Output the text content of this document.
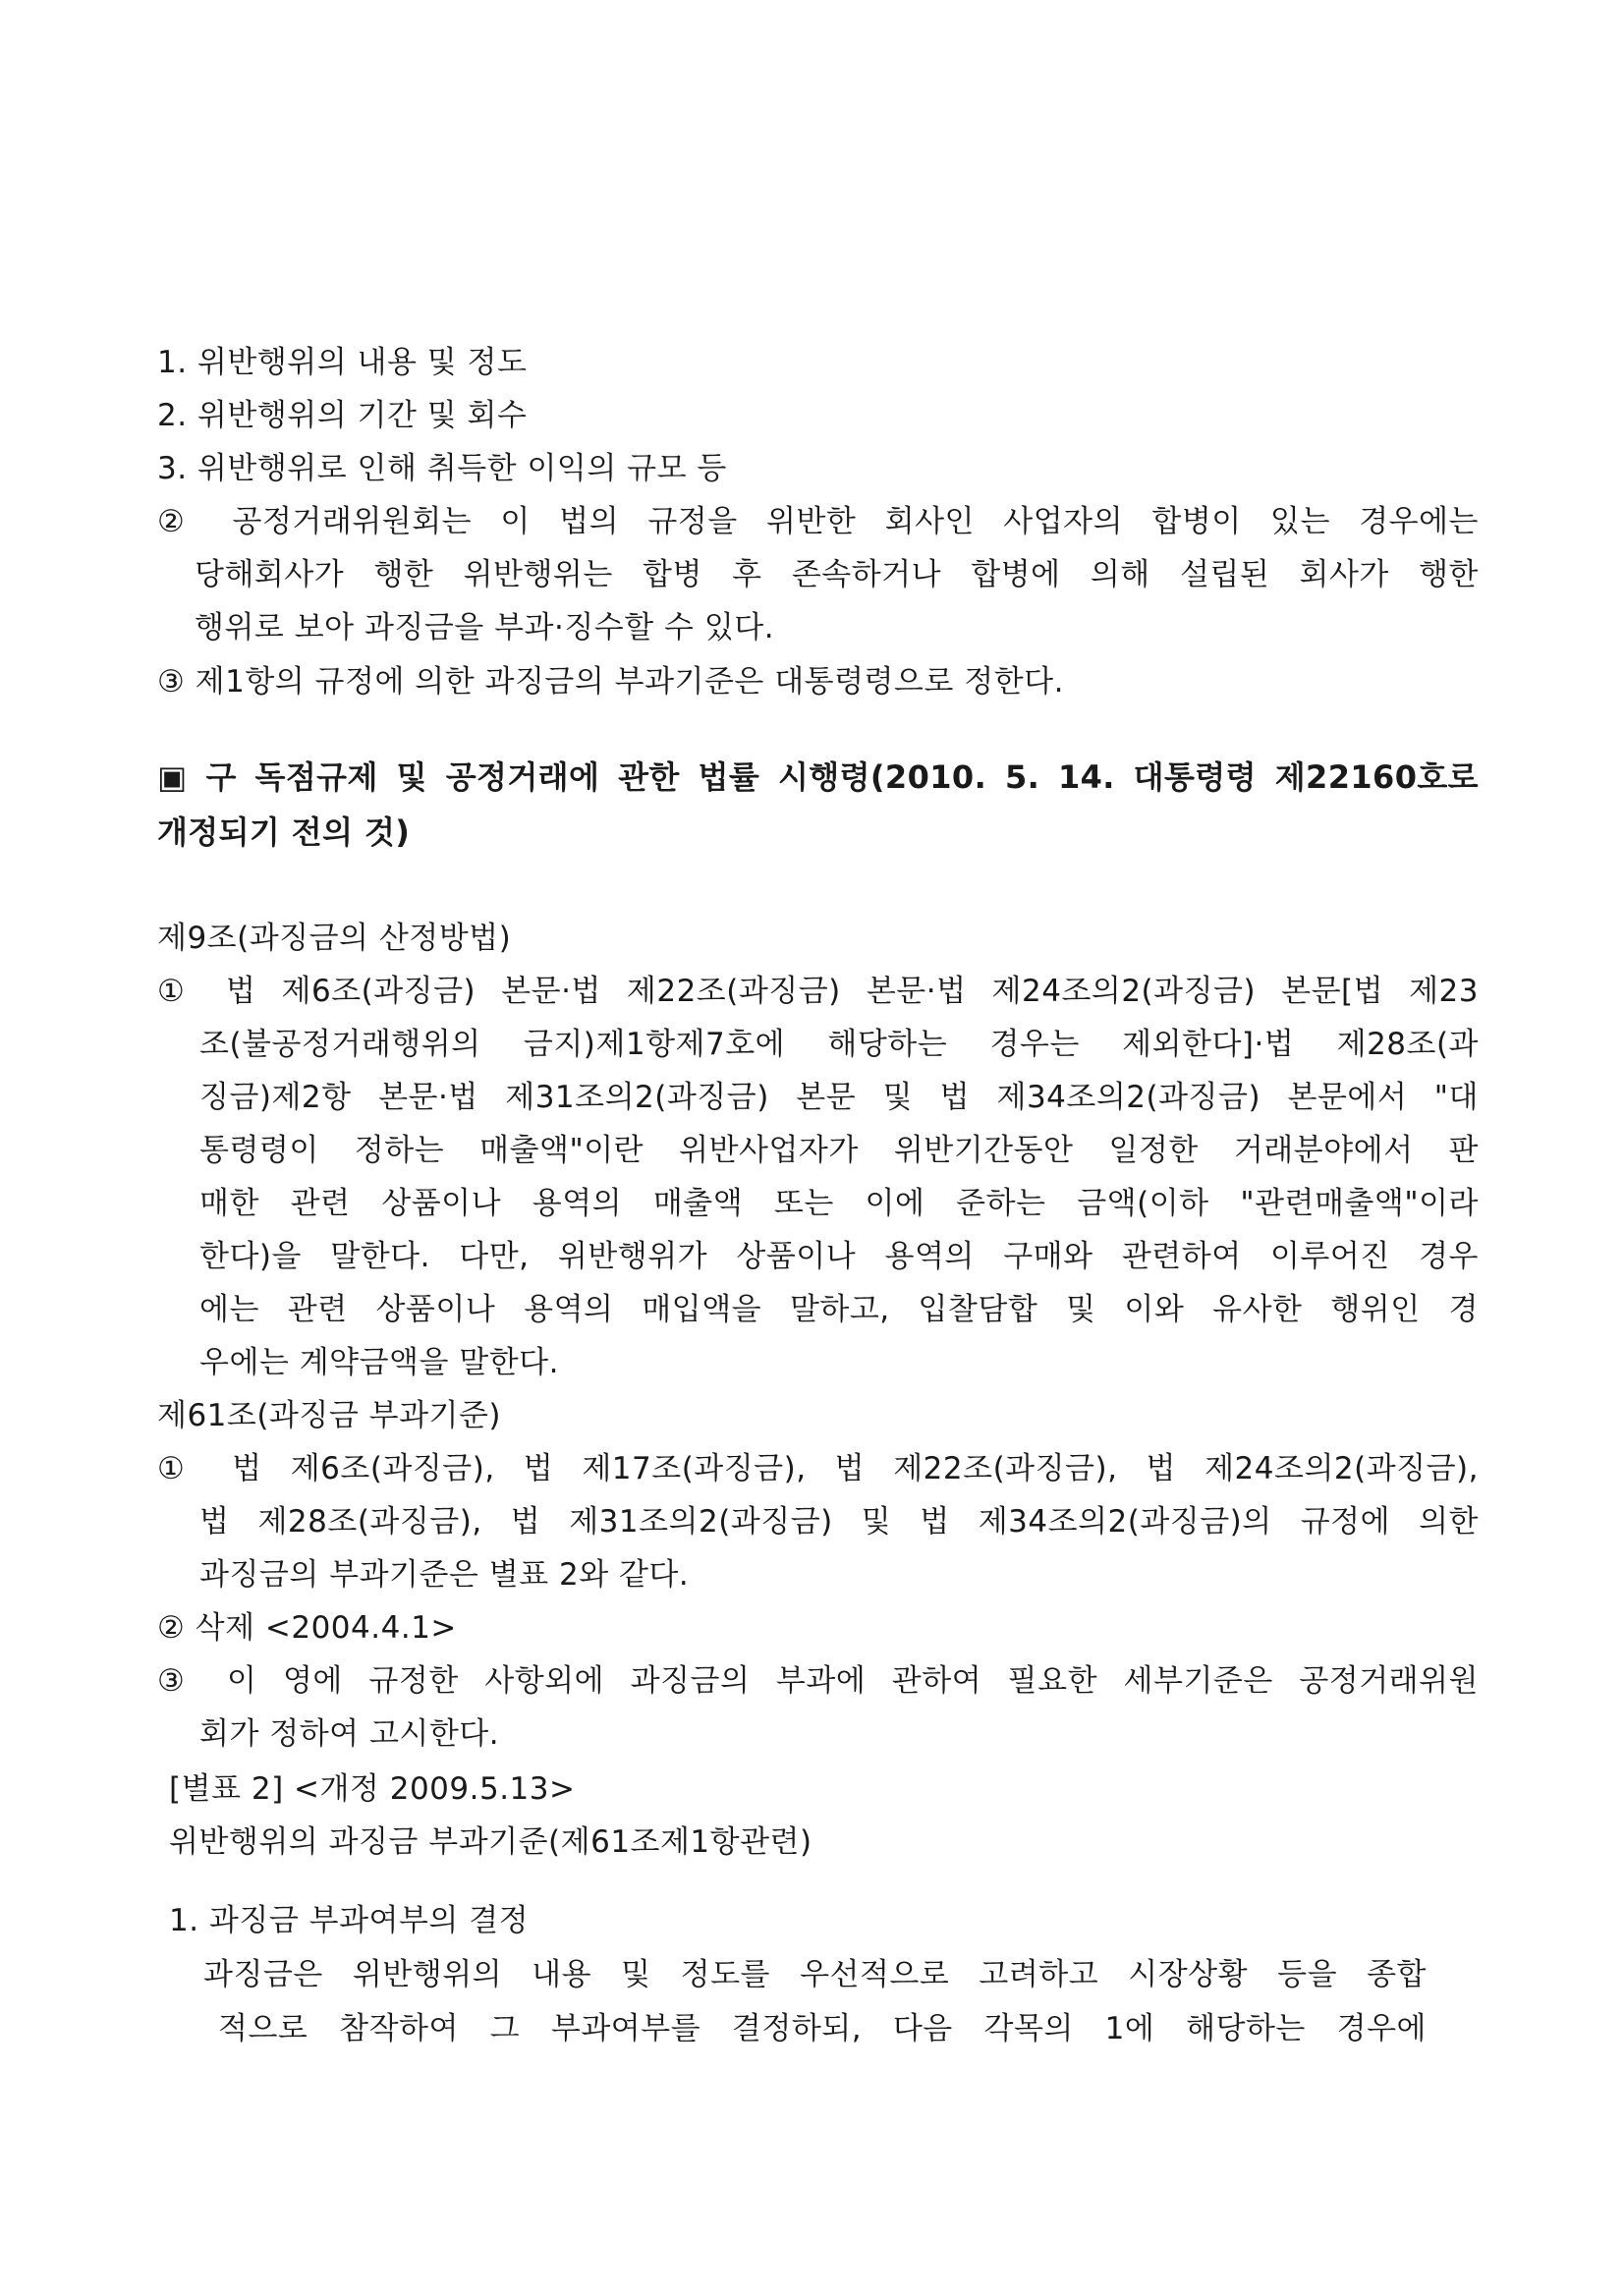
1. 위반행위의 내용 및 정도
2. 위반행위의 기간 및 회수
3. 위반행위로 인해 취득한 이익의 규모 등
② 공정거래위원회는 이 법의 규정을 위반한 회사인 사업자의 합병이 있는 경우에는
당해회사가 행한 위반행위는 합병 후 존속하거나 합병에 의해 설립된 회사가 행한
행위로 보아 과징금을 부과·징수할 수 있다.
③ 제1항의 규정에 의한 과징금의 부과기준은 대통령령으로 정한다.
▣ 구 독점규제 및 공정거래에 관한 법률 시행령(2010. 5. 14. 대통령령 제22160호로
개정되기 전의 것)
제9조(과징금의 산정방법)
① 법 제6조(과징금) 본문·법 제22조(과징금) 본문·법 제24조의2(과징금) 본문[법 제23
조(불공정거래행위의 금지)제1항제7호에 해당하는 경우는 제외한다]·법 제28조(과
징금)제2항 본문·법 제31조의2(과징금) 본문 및 법 제34조의2(과징금) 본문에서 "대
통령령이 정하는 매출액"이란 위반사업자가 위반기간동안 일정한 거래분야에서 판
매한 관련 상품이나 용역의 매출액 또는 이에 준하는 금액(이하 "관련매출액"이라
한다)을 말한다. 다만, 위반행위가 상품이나 용역의 구매와 관련하여 이루어진 경우
에는 관련 상품이나 용역의 매입액을 말하고, 입찰담합 및 이와 유사한 행위인 경
우에는 계약금액을 말한다.
제61조(과징금 부과기준)
① 법 제6조(과징금), 법 제17조(과징금), 법 제22조(과징금), 법 제24조의2(과징금),
법 제28조(과징금), 법 제31조의2(과징금) 및 법 제34조의2(과징금)의 규정에 의한
과징금의 부과기준은 별표 2와 같다.
② 삭제 <2004.4.1>
③ 이 영에 규정한 사항외에 과징금의 부과에 관하여 필요한 세부기준은 공정거래위원
회가 정하여 고시한다.
[별표 2] <개정 2009.5.13>
위반행위의 과징금 부과기준(제61조제1항관련)
1. 과징금 부과여부의 결정
과징금은 위반행위의 내용 및 정도를 우선적으로 고려하고 시장상황 등을 종합
적으로 참작하여 그 부과여부를 결정하되, 다음 각목의 1에 해당하는 경우에
